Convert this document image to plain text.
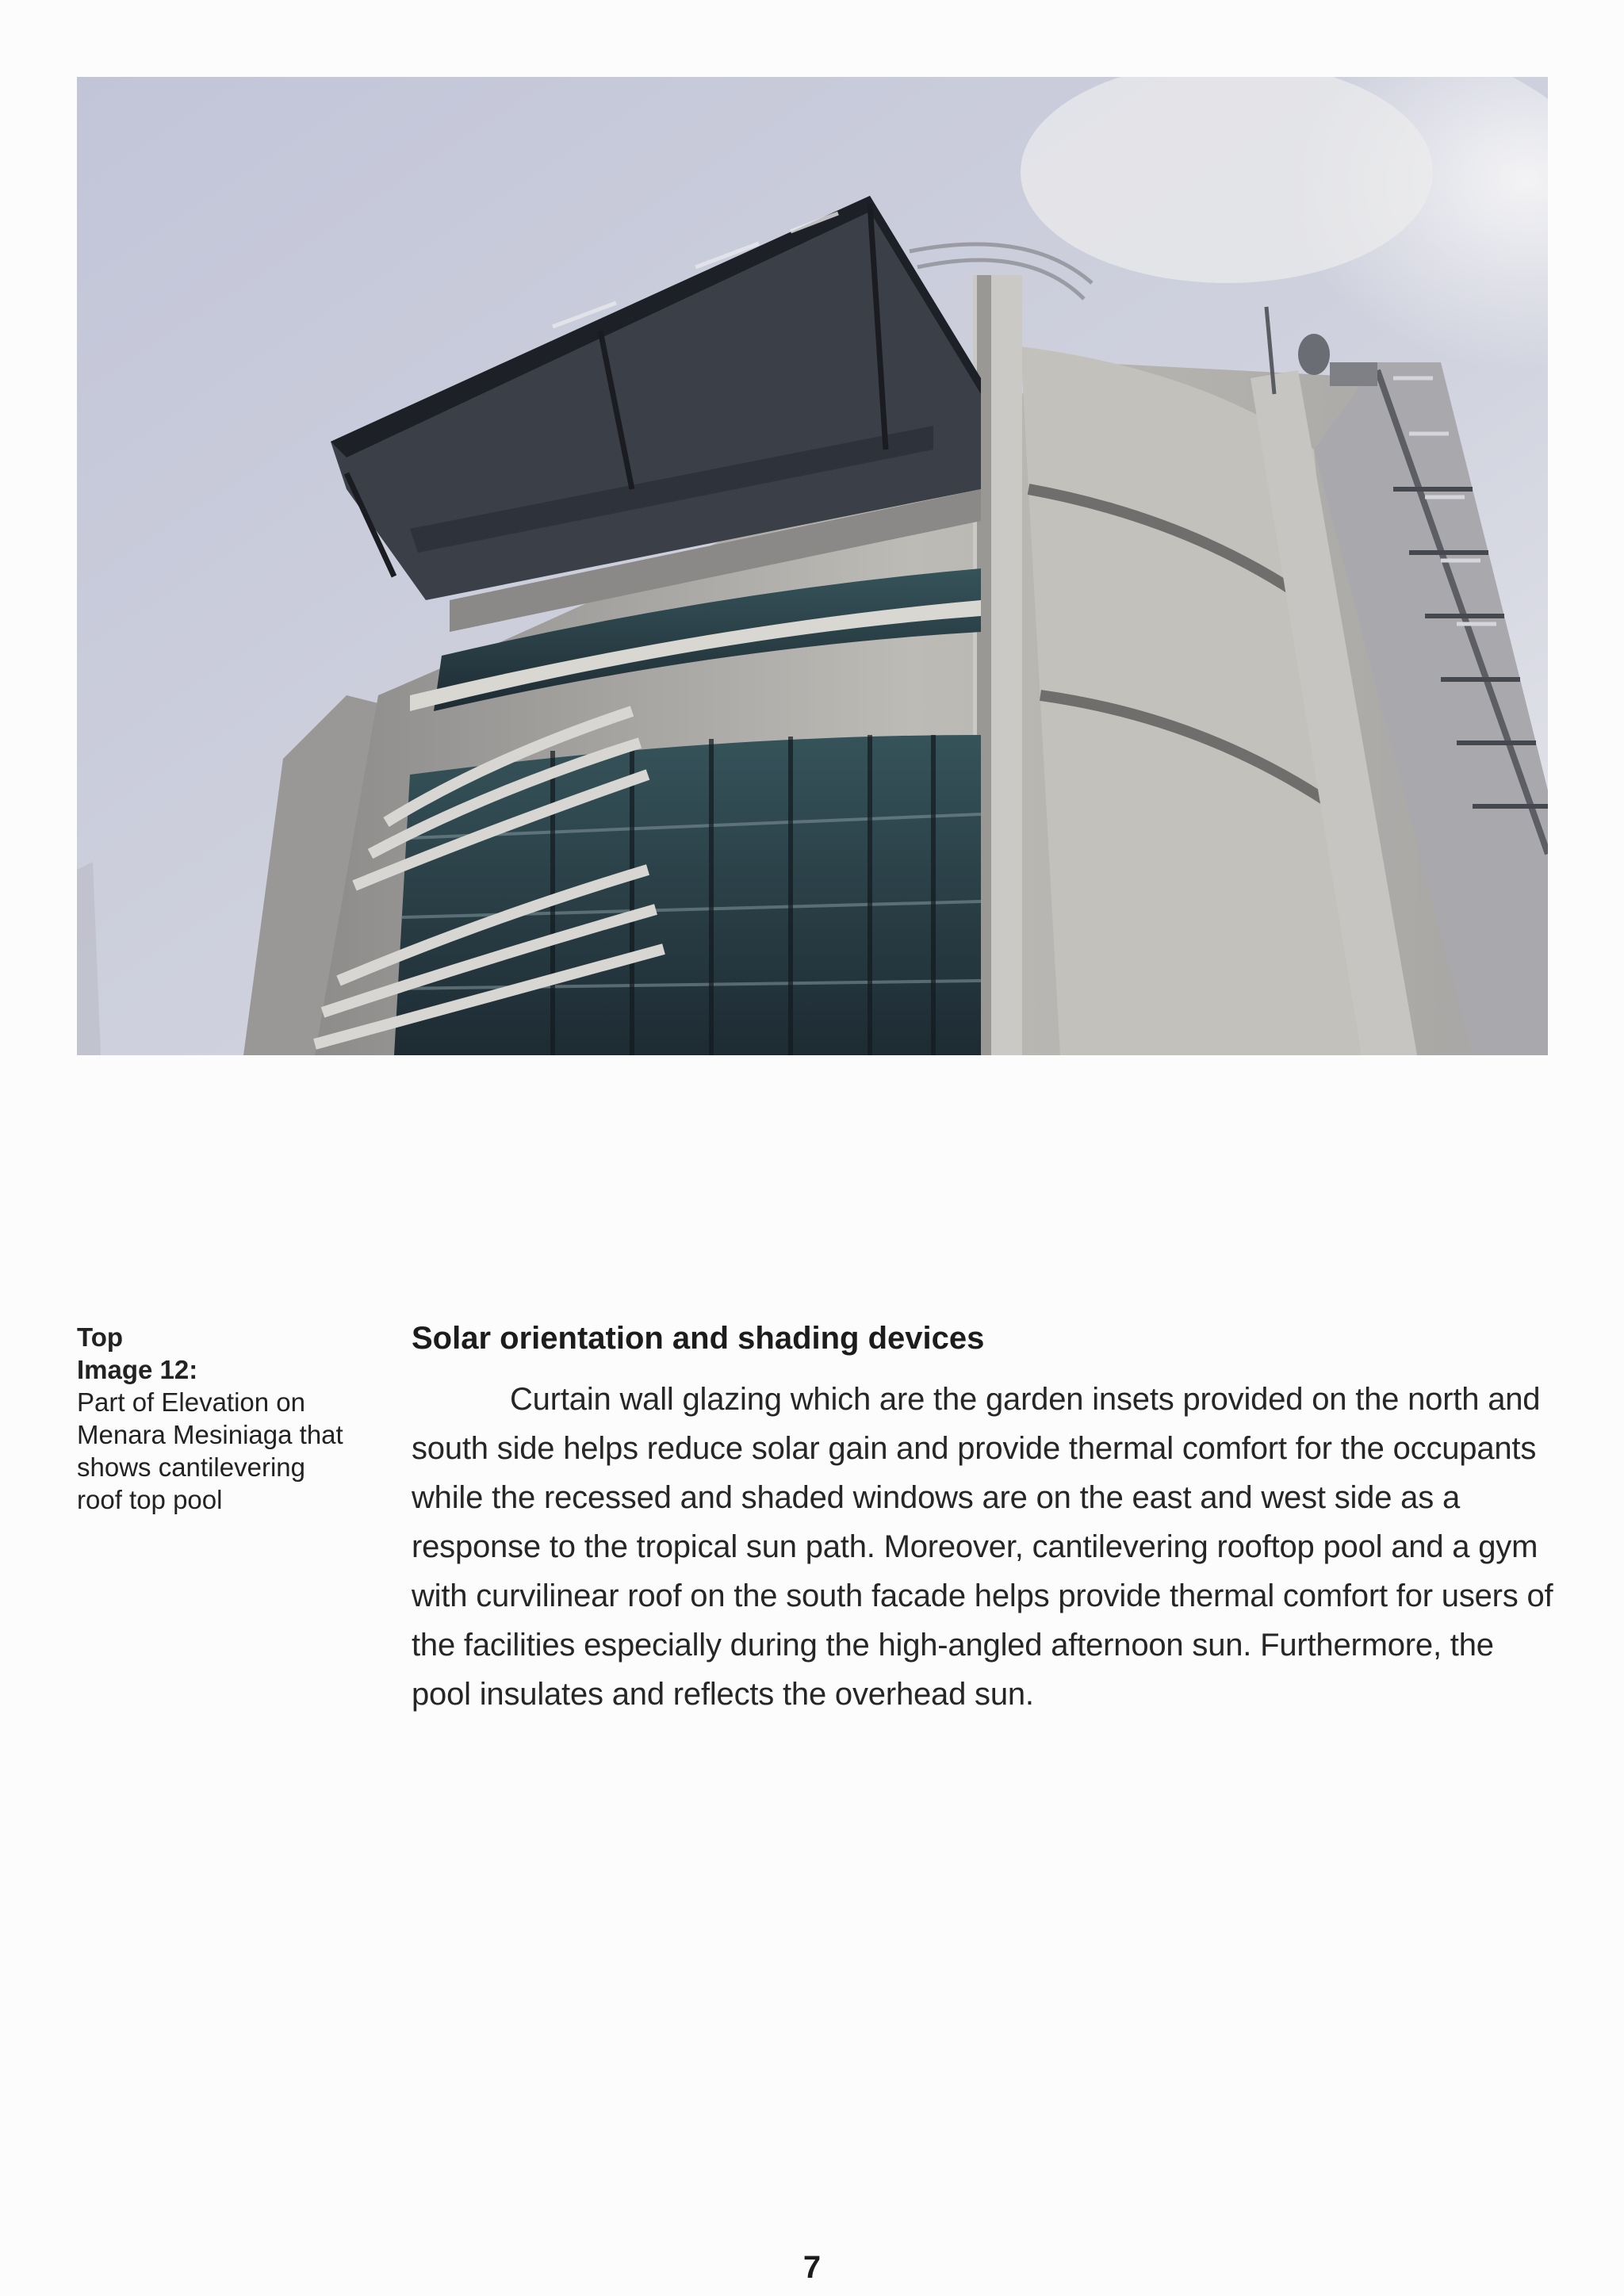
Top
Image 12:
Part of Elevation on Menara Mesiniaga that shows cantilevering roof top pool
Solar orientation and shading devices

Curtain wall glazing which are the garden insets provided on the north and south side helps reduce solar gain and provide thermal comfort for the occupants while the recessed and shaded windows are on the east and west side as a response to the tropical sun path. Moreover, cantilevering rooftop pool and a gym with curvilinear roof on the south facade helps provide thermal comfort for users of the facilities especially during the high-angled afternoon sun. Furthermore, the pool insulates and reflects the overhead sun.

7
